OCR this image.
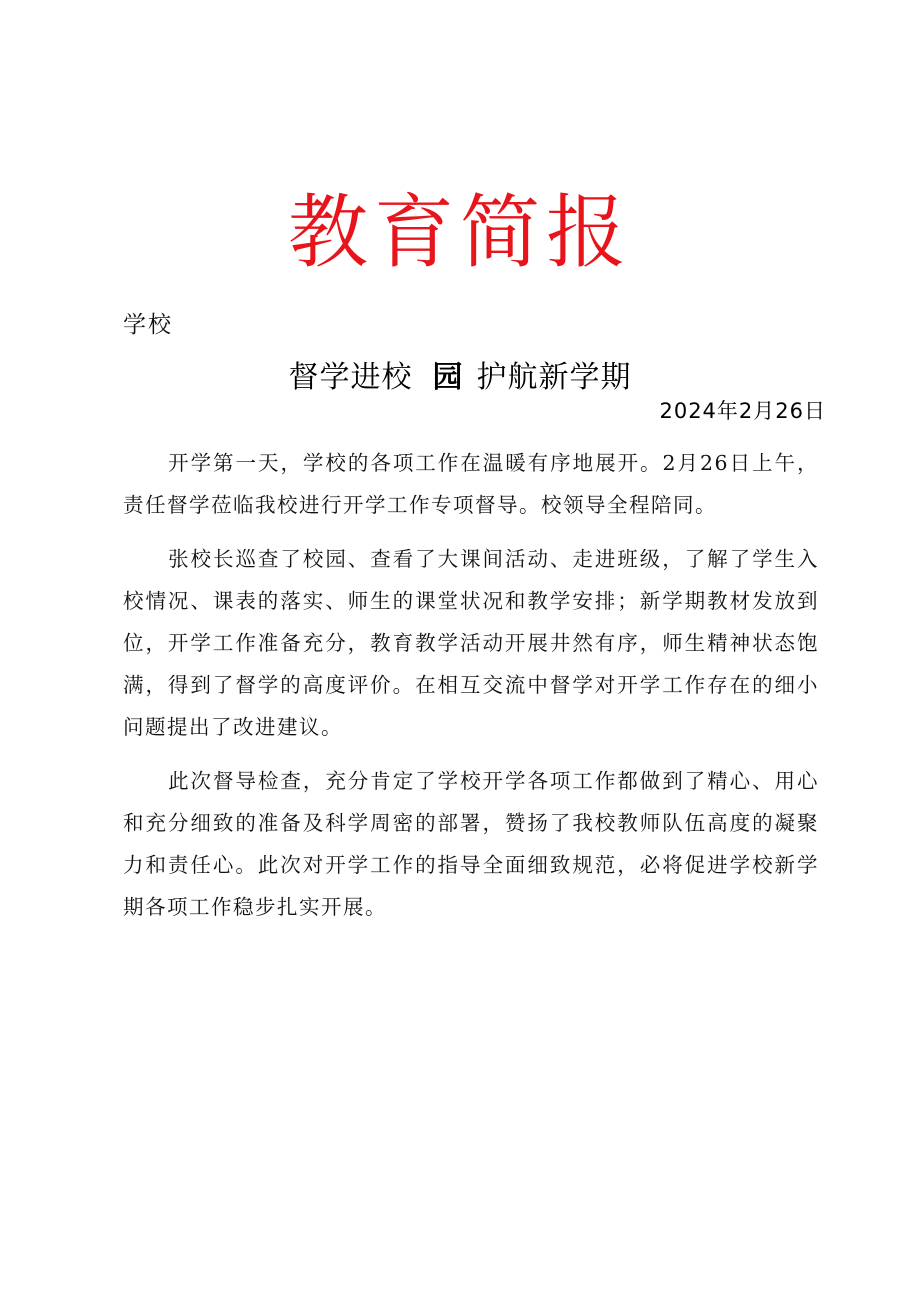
教育简报
学校
督学进校 园 护航新学期
2024年2月26日

开学第一天，学校的各项工作在温暖有序地展开。2月26日上午，责任督学莅临我校进行开学工作专项督导。校领导全程陪同。

张校长巡查了校园、查看了大课间活动、走进班级，了解了学生入校情况、课表的落实、师生的课堂状况和教学安排；新学期教材发放到位，开学工作准备充分，教育教学活动开展井然有序，师生精神状态饱满，得到了督学的高度评价。在相互交流中督学对开学工作存在的细小问题提出了改进建议。

此次督导检查，充分肯定了学校开学各项工作都做到了精心、用心和充分细致的准备及科学周密的部署，赞扬了我校教师队伍高度的凝聚力和责任心。此次对开学工作的指导全面细致规范，必将促进学校新学期各项工作稳步扎实开展。
